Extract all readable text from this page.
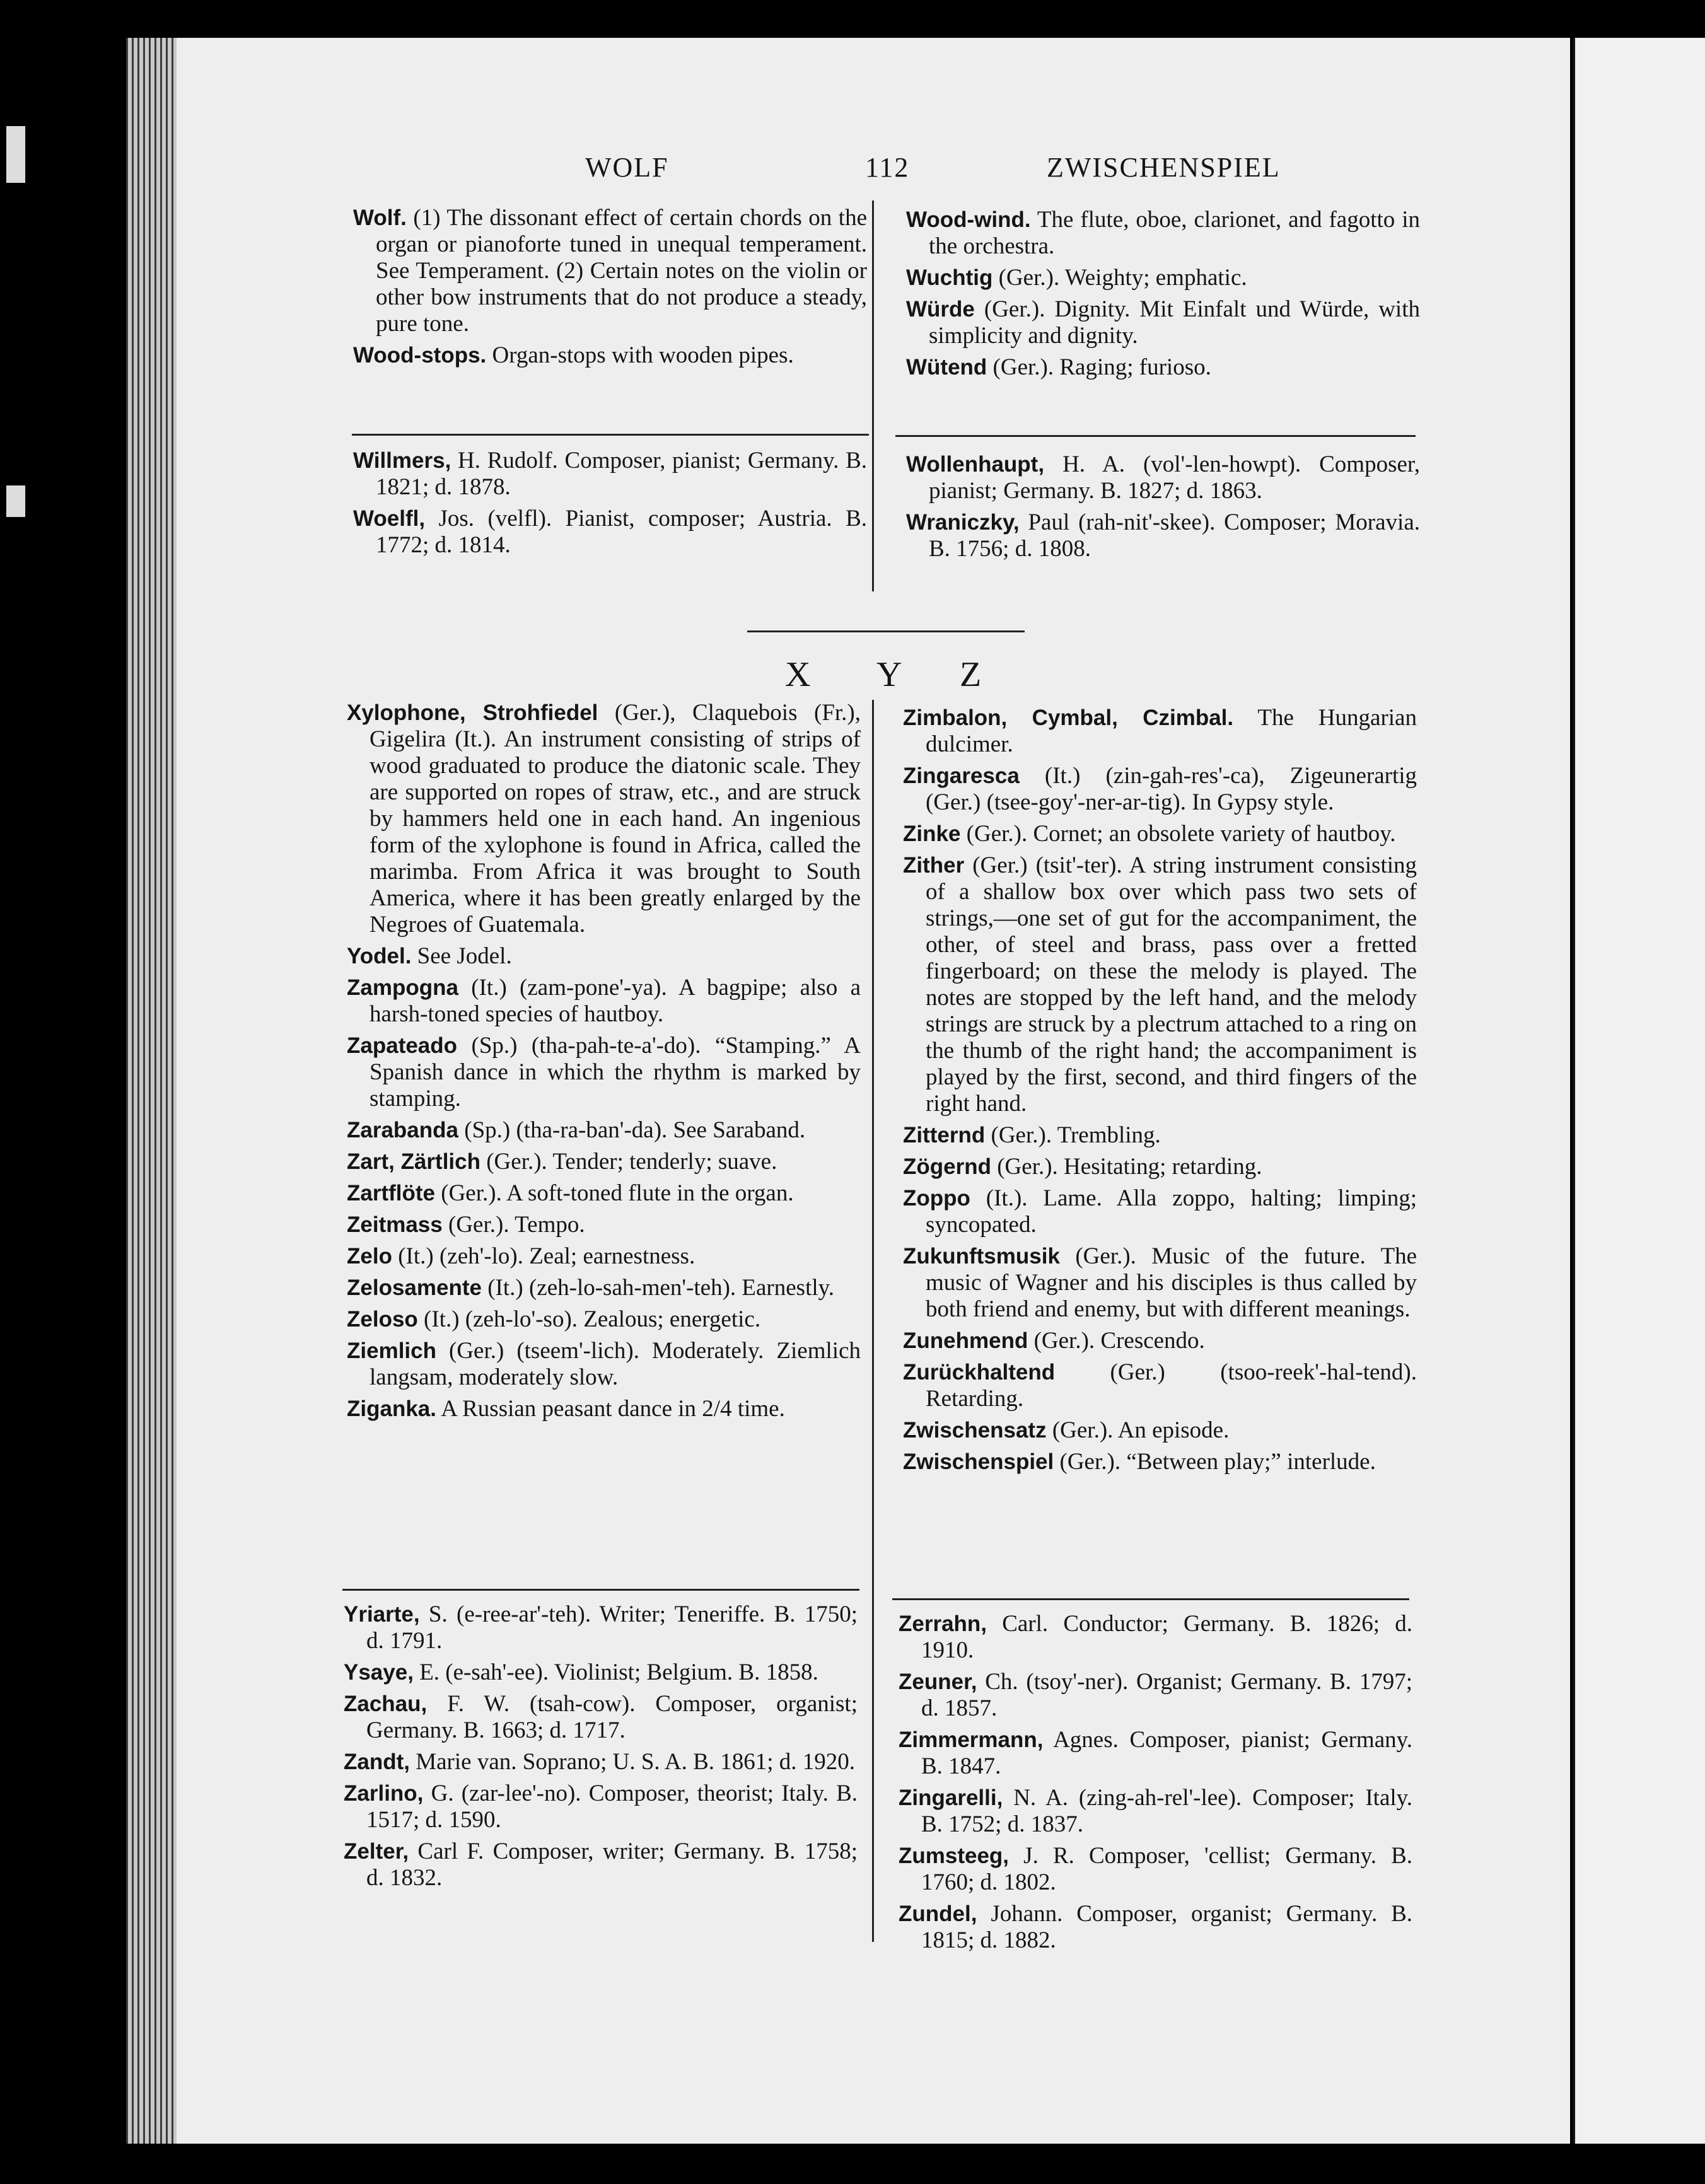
WOLF	112	ZWISCHENSPIEL
X Y Z

Wolf. (1) The dissonant effect of certain chords on the organ or pianoforte tuned in unequal temperament. See Temperament. (2) Certain notes on the violin or other bow instruments that do not produce a steady, pure tone.

Wood-stops. Organ-stops with wooden pipes.

Wood-wind. The flute, oboe, clarionet, and fagotto in the orchestra.

Wuchtig (Ger.). Weighty; emphatic.

Würde (Ger.). Dignity. Mit Einfalt und Würde, with simplicity and dignity.

Wütend (Ger.). Raging; furioso.

Willmers, H. Rudolf. Composer, pianist; Germany. B. 1821; d. 1878.

Woelfl, Jos. (velfl). Pianist, composer; Austria. B. 1772; d. 1814.

Wollenhaupt, H. A. (vol'-len-howpt). Composer, pianist; Germany. B. 1827; d. 1863.

Wraniczky, Paul (rah-nit'-skee). Composer; Moravia. B. 1756; d. 1808.

Xylophone, Strohfiedel (Ger.), Claquebois (Fr.), Gigelira (It.). An instrument consisting of strips of wood graduated to produce the diatonic scale. They are supported on ropes of straw, etc., and are struck by hammers held one in each hand. An ingenious form of the xylophone is found in Africa, called the marimba. From Africa it was brought to South America, where it has been greatly enlarged by the Negroes of Guatemala.

Yodel. See Jodel.

Zampogna (It.) (zam-pone'-ya). A bagpipe; also a harsh-toned species of hautboy.

Zapateado (Sp.) (tha-pah-te-a'-do). “Stamping.” A Spanish dance in which the rhythm is marked by stamping.

Zarabanda (Sp.) (tha-ra-ban'-da). See Saraband.

Zart, Zärtlich (Ger.). Tender; tenderly; suave.

Zartflöte (Ger.). A soft-toned flute in the organ.

Zeitmass (Ger.). Tempo.

Zelo (It.) (zeh'-lo). Zeal; earnestness.

Zelosamente (It.) (zeh-lo-sah-men'-teh). Earnestly.

Zeloso (It.) (zeh-lo'-so). Zealous; energetic.

Ziemlich (Ger.) (tseem'-lich). Moderately. Ziemlich langsam, moderately slow.

Ziganka. A Russian peasant dance in 2/4 time.

Zimbalon, Cymbal, Czimbal. The Hungarian dulcimer.

Zingaresca (It.) (zin-gah-res'-ca), Zigeunerartig (Ger.) (tsee-goy'-ner-ar-tig). In Gypsy style.

Zinke (Ger.). Cornet; an obsolete variety of hautboy.

Zither (Ger.) (tsit'-ter). A string instrument consisting of a shallow box over which pass two sets of strings,—one set of gut for the accompaniment, the other, of steel and brass, pass over a fretted fingerboard; on these the melody is played. The notes are stopped by the left hand, and the melody strings are struck by a plectrum attached to a ring on the thumb of the right hand; the accompaniment is played by the first, second, and third fingers of the right hand.

Zitternd (Ger.). Trembling.

Zögernd (Ger.). Hesitating; retarding.

Zoppo (It.). Lame. Alla zoppo, halting; limping; syncopated.

Zukunftsmusik (Ger.). Music of the future. The music of Wagner and his disciples is thus called by both friend and enemy, but with different meanings.

Zunehmend (Ger.). Crescendo.

Zurückhaltend (Ger.) (tsoo-reek'-hal-tend). Retarding.

Zwischensatz (Ger.). An episode.

Zwischenspiel (Ger.). “Between play;” interlude.

Yriarte, S. (e-ree-ar'-teh). Writer; Teneriffe. B. 1750; d. 1791.

Ysaye, E. (e-sah'-ee). Violinist; Belgium. B. 1858.

Zachau, F. W. (tsah-cow). Composer, organist; Germany. B. 1663; d. 1717.

Zandt, Marie van. Soprano; U. S. A. B. 1861; d. 1920.

Zarlino, G. (zar-lee'-no). Composer, theorist; Italy. B. 1517; d. 1590.

Zelter, Carl F. Composer, writer; Germany. B. 1758; d. 1832.

Zerrahn, Carl. Conductor; Germany. B. 1826; d. 1910.

Zeuner, Ch. (tsoy'-ner). Organist; Germany. B. 1797; d. 1857.

Zimmermann, Agnes. Composer, pianist; Germany. B. 1847.

Zingarelli, N. A. (zing-ah-rel'-lee). Composer; Italy. B. 1752; d. 1837.

Zumsteeg, J. R. Composer, 'cellist; Germany. B. 1760; d. 1802.

Zundel, Johann. Composer, organist; Germany. B. 1815; d. 1882.
